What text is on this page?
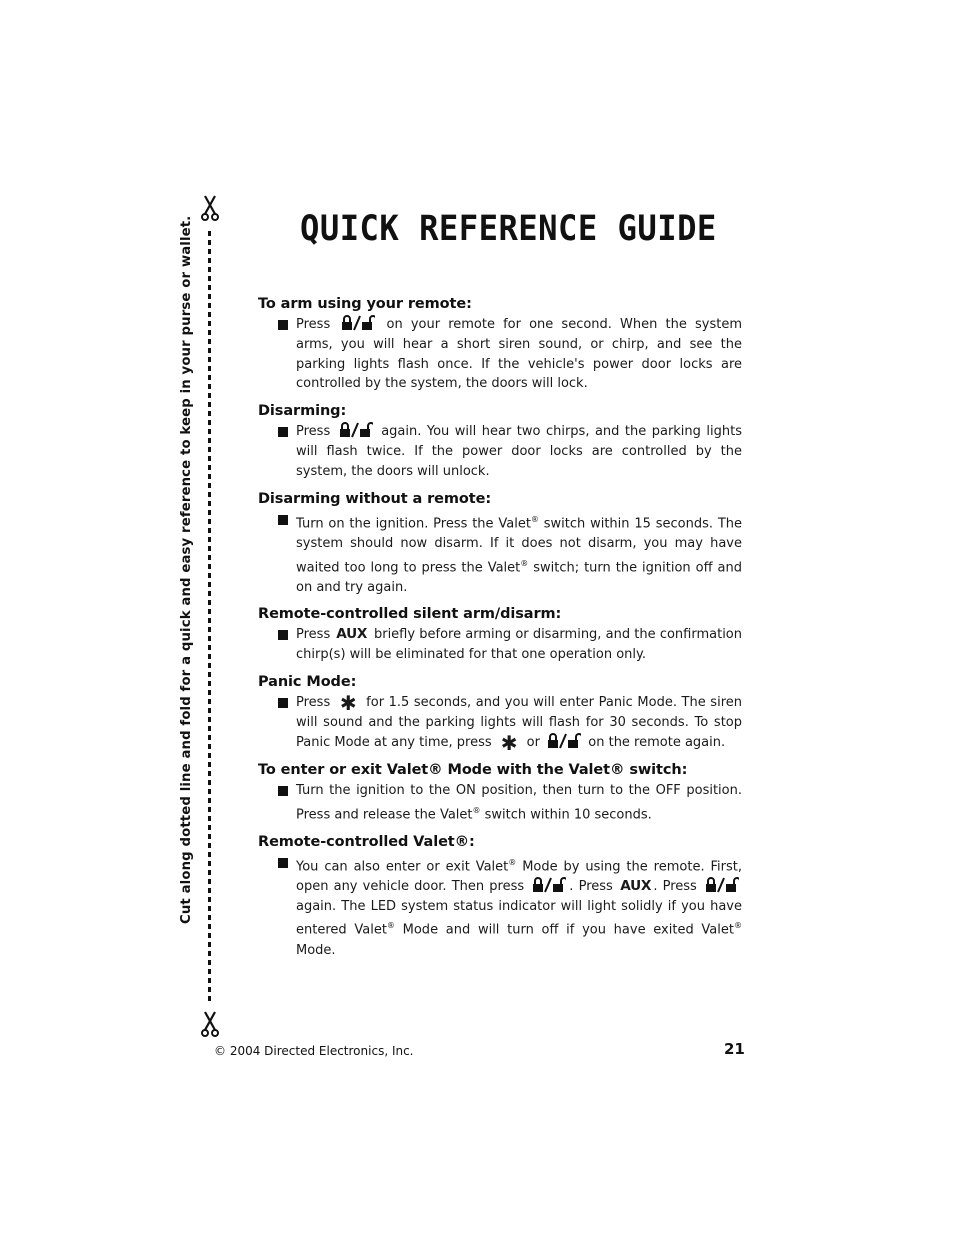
QUICK REFERENCE GUIDE
Cut along dotted line and fold for a quick and easy reference to keep in your purse or wallet.	To arm using your remote:
Press	on your remote for one second. When the system arms, you will hear a short siren sound, or chirp, and see the parking lights flash once. If the vehicle's power door locks are controlled by the system, the doors will lock.
Disarming:
Press	again. You will hear two chirps, and the parking lights will flash twice. If the power door locks are controlled by the system, the doors will unlock.
Disarming without a remote:
Turn on the ignition. Press the Valet® switch within 15 seconds. The system should now disarm. If it does not disarm, you may have waited too long to press the Valet® switch; turn the ignition off and on and try again.
Remote-controlled silent arm/disarm:
Press AUX briefly before arming or disarming, and the confirmation chirp(s) will be eliminated for that one operation only.
Panic Mode:
Press ✱ for 1.5 seconds, and you will enter Panic Mode. The siren will sound and the parking lights will flash for 30 seconds. To stop Panic Mode at any time, press ✱ or	on the remote again.
To enter or exit Valet® Mode with the Valet® switch:
Turn the ignition to the ON position, then turn to the OFF position. Press and release the Valet® switch within 10 seconds.
Remote-controlled Valet®:
You can also enter or exit Valet® Mode by using the remote. First, open any vehicle door. Then press	. Press AUX . Press  again. The LED system status indicator will light solidly if you have entered Valet® Mode and will turn off if you have exited Valet® Mode.
© 2004 Directed Electronics, Inc.	21
